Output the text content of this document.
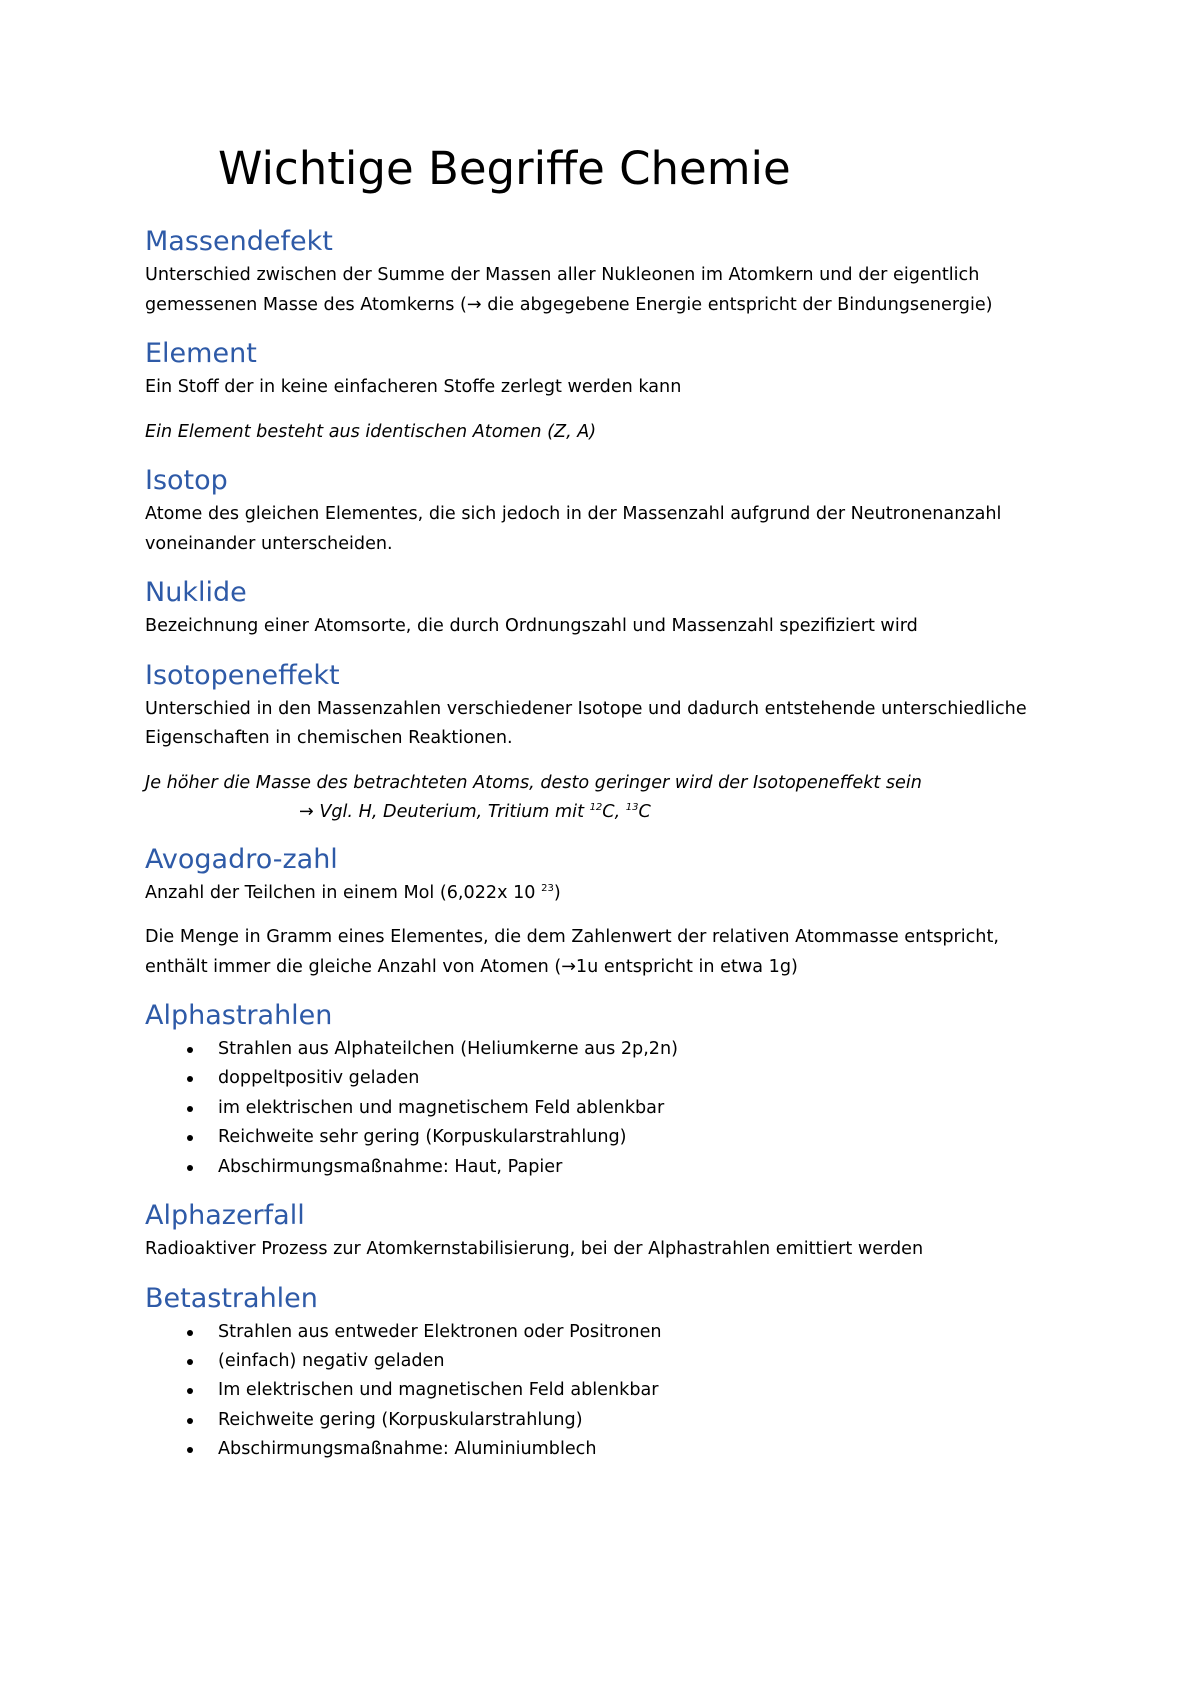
Wichtige Begriffe Chemie
Massendefekt

Unterschied zwischen der Summe der Massen aller Nukleonen im Atomkern und der eigentlich
gemessenen Masse des Atomkerns (→ die abgegebene Energie entspricht der Bindungsenergie)

Element

Ein Stoff der in keine einfacheren Stoffe zerlegt werden kann

Ein Element besteht aus identischen Atomen (Z, A)

Isotop

Atome des gleichen Elementes, die sich jedoch in der Massenzahl aufgrund der Neutronenanzahl
voneinander unterscheiden.

Nuklide

Bezeichnung einer Atomsorte, die durch Ordnungszahl und Massenzahl spezifiziert wird

Isotopeneffekt

Unterschied in den Massenzahlen verschiedener Isotope und dadurch entstehende unterschiedliche
Eigenschaften in chemischen Reaktionen.

Je höher die Masse des betrachteten Atoms, desto geringer wird der Isotopeneffekt sein
→ Vgl. H, Deuterium, Tritium mit $^{12}$C, $^{13}$C

Avogadro-zahl

Anzahl der Teilchen in einem Mol (6,022x 10 $^{23}$)

Die Menge in Gramm eines Elementes, die dem Zahlenwert der relativen Atommasse entspricht,
enthält immer die gleiche Anzahl von Atomen (→1u entspricht in etwa 1g)

Alphastrahlen
Strahlen aus Alphateilchen (Heliumkerne aus 2p,2n)
doppeltpositiv geladen
im elektrischen und magnetischem Feld ablenkbar
Reichweite sehr gering (Korpuskularstrahlung)
Abschirmungsmaßnahme: Haut, Papier
Alphazerfall

Radioaktiver Prozess zur Atomkernstabilisierung, bei der Alphastrahlen emittiert werden

Betastrahlen
Strahlen aus entweder Elektronen oder Positronen
(einfach) negativ geladen
Im elektrischen und magnetischen Feld ablenkbar
Reichweite gering (Korpuskularstrahlung)
Abschirmungsmaßnahme: Aluminiumblech
